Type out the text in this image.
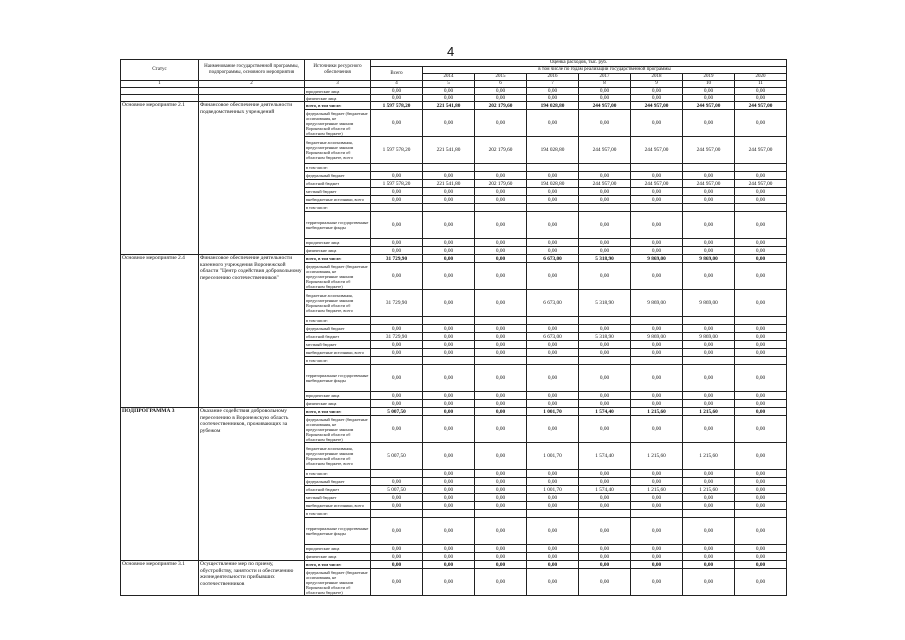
4
Статус	Наименование государственной программы, подпрограммы, основного мероприятия	Источники ресурсного обеспечения	Оценка расходов, тыс. руб.							
			Всего	в том числе по годам реализации государственной программы						
				2014	2015	2016	2017	2018	2019	2020
1	2	3	4	5	6	7	8	9	10	11
		юридические лица	0,00	0,00	0,00	0,00	0,00	0,00	0,00	0,00
		физические лица	0,00	0,00	0,00	0,00	0,00	0,00	0,00	0,00
Основное мероприятие 2.1	Финансовое обеспечение деятельности подведомственных учреждений	всего, в том числе:	1 597 578,20	221 541,80	202 179,60	194 028,80	244 957,00	244 957,00	244 957,00	244 957,00
		федеральный бюджет (бюджетные ассигнования, не предусмотренные законом Воронежской области об областном бюджете)	0,00	0,00	0,00	0,00	0,00	0,00	0,00	0,00
		бюджетные ассигнования, предусмотренные законом Воронежской области об областном бюджете, всего	1 597 578,20	221 541,80	202 179,60	194 028,80	244 957,00	244 957,00	244 957,00	244 957,00
		в том числе:								
		федеральный бюджет	0,00	0,00	0,00	0,00	0,00	0,00	0,00	0,00
		областной бюджет	1 597 578,20	221 541,80	202 179,60	194 028,80	244 957,00	244 957,00	244 957,00	244 957,00
		местный бюджет	0,00	0,00	0,00	0,00	0,00	0,00	0,00	0,00
		внебюджетные источники, всего	0,00	0,00	0,00	0,00	0,00	0,00	0,00	0,00
		в том числе:								
		территориальные государственные внебюджетные фонды	0,00	0,00	0,00	0,00	0,00	0,00	0,00	0,00
		юридические лица	0,00	0,00	0,00	0,00	0,00	0,00	0,00	0,00
		физические лица	0,00	0,00	0,00	0,00	0,00	0,00	0,00	0,00
Основное мероприятие 2.4	Финансовое обеспечение деятельности казенного учреждения Воронежской области "Центр содействия добровольному переселению соотечественников"	всего, в том числе:	31 729,90	0,00	0,00	6 673,00	5 318,90	9 869,00	9 869,00	0,00
		федеральный бюджет (бюджетные ассигнования, не предусмотренные законом Воронежской области об областном бюджете)	0,00	0,00	0,00	0,00	0,00	0,00	0,00	0,00
		бюджетные ассигнования, предусмотренные законом Воронежской области об областном бюджете, всего	31 729,90	0,00	0,00	6 673,00	5 318,90	9 869,00	9 869,00	0,00
		в том числе:								
		федеральный бюджет	0,00	0,00	0,00	0,00	0,00	0,00	0,00	0,00
		областной бюджет	31 729,90	0,00	0,00	6 673,00	5 318,90	9 869,00	9 869,00	0,00
		местный бюджет	0,00	0,00	0,00	0,00	0,00	0,00	0,00	0,00
		внебюджетные источники, всего	0,00	0,00	0,00	0,00	0,00	0,00	0,00	0,00
		в том числе:								
		территориальные государственные внебюджетные фонды	0,00	0,00	0,00	0,00	0,00	0,00	0,00	0,00
		юридические лица	0,00	0,00	0,00	0,00	0,00	0,00	0,00	0,00
		физические лица	0,00	0,00	0,00	0,00	0,00	0,00	0,00	0,00
ПОДПРОГРАММА 3	Оказание содействия добровольному переселению в Воронежскую область соотечественников, проживающих за рубежом	всего, в том числе:	5 007,50	0,00	0,00	1 001,70	1 574,40	1 215,60	1 215,60	0,00
		федеральный бюджет (бюджетные ассигнования, не предусмотренные законом Воронежской области об областном бюджете)	0,00	0,00	0,00	0,00	0,00	0,00	0,00	0,00
		бюджетные ассигнования, предусмотренные законом Воронежской области об областном бюджете, всего	5 007,50	0,00	0,00	1 001,70	1 574,40	1 215,60	1 215,60	0,00
		в том числе:		0,00	0,00	0,00	0,00	0,00	0,00	0,00
		федеральный бюджет	0,00	0,00	0,00	0,00	0,00	0,00	0,00	0,00
		областной бюджет	5 007,50	0,00	0,00	1 001,70	1 574,40	1 215,60	1 215,60	0,00
		местный бюджет	0,00	0,00	0,00	0,00	0,00	0,00	0,00	0,00
		внебюджетные источники, всего	0,00	0,00	0,00	0,00	0,00	0,00	0,00	0,00
		в том числе:								
		территориальные государственные внебюджетные фонды	0,00	0,00	0,00	0,00	0,00	0,00	0,00	0,00
		юридические лица	0,00	0,00	0,00	0,00	0,00	0,00	0,00	0,00
		физические лица	0,00	0,00	0,00	0,00	0,00	0,00	0,00	0,00
Основное мероприятие 3.1	Осуществление мер по приему, обустройству, занятости и обеспечению жизнедеятельности прибывших соотечественников	всего, в том числе:	0,00	0,00	0,00	0,00	0,00	0,00	0,00	0,00
		федеральный бюджет (бюджетные ассигнования, не предусмотренные законом Воронежской области об областном бюджете)	0,00	0,00	0,00	0,00	0,00	0,00	0,00	0,00
